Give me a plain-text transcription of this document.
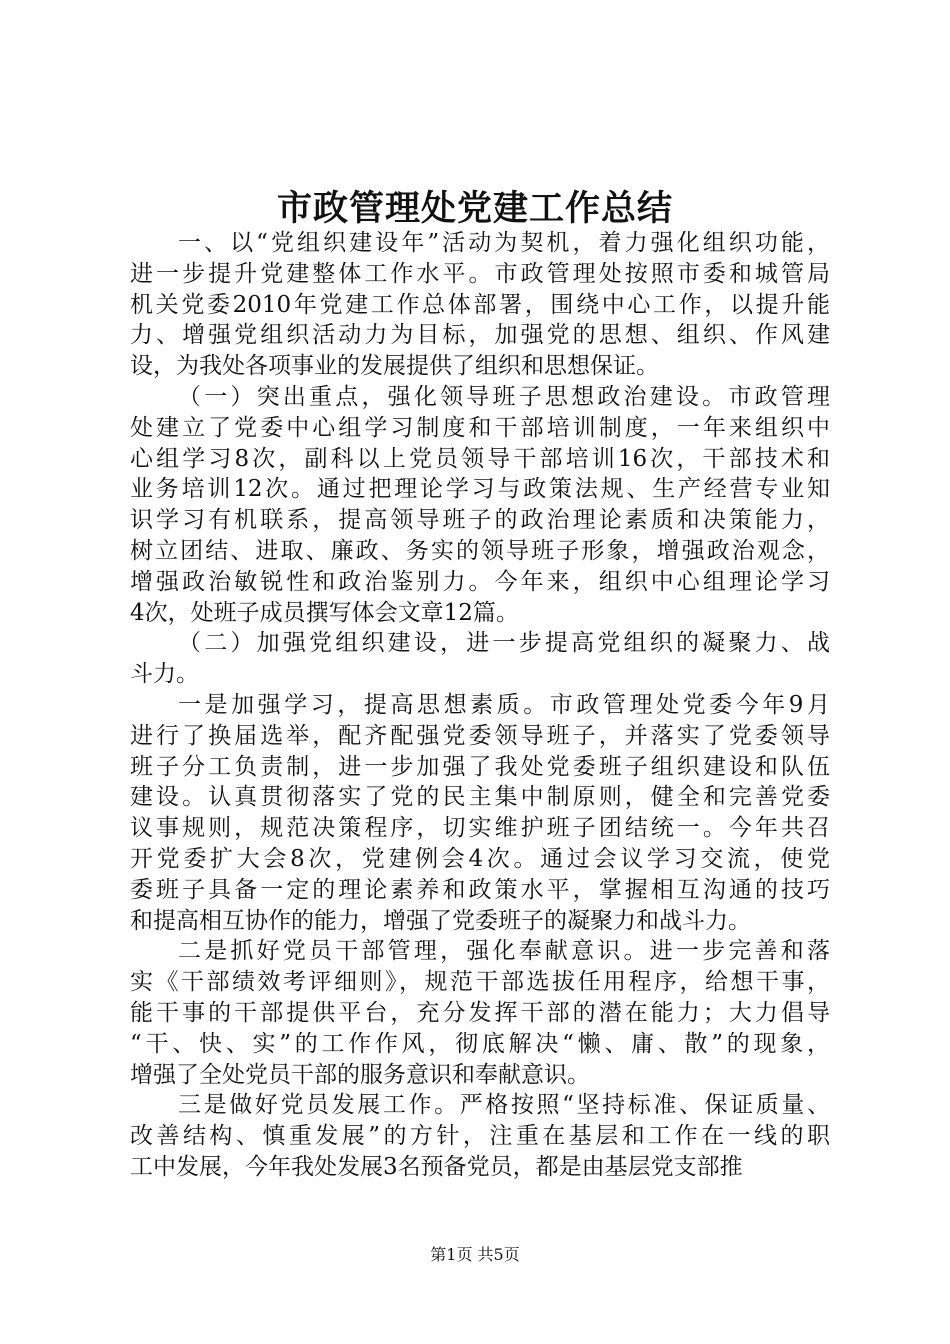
市政管理处党建工作总结
一、以“党组织建设年”活动为契机，着力强化组织功能，
进一步提升党建整体工作水平。市政管理处按照市委和城管局
机关党委2010年党建工作总体部署，围绕中心工作，以提升能
力、增强党组织活动力为目标，加强党的思想、组织、作风建
设，为我处各项事业的发展提供了组织和思想保证。
（一）突出重点，强化领导班子思想政治建设。市政管理
处建立了党委中心组学习制度和干部培训制度，一年来组织中
心组学习8次，副科以上党员领导干部培训16次，干部技术和
业务培训12次。通过把理论学习与政策法规、生产经营专业知
识学习有机联系，提高领导班子的政治理论素质和决策能力，
树立团结、进取、廉政、务实的领导班子形象，增强政治观念，
增强政治敏锐性和政治鉴别力。今年来，组织中心组理论学习
4次，处班子成员撰写体会文章12篇。
（二）加强党组织建设，进一步提高党组织的凝聚力、战
斗力。
一是加强学习，提高思想素质。市政管理处党委今年9月
进行了换届选举，配齐配强党委领导班子，并落实了党委领导
班子分工负责制，进一步加强了我处党委班子组织建设和队伍
建设。认真贯彻落实了党的民主集中制原则，健全和完善党委
议事规则，规范决策程序，切实维护班子团结统一。今年共召
开党委扩大会8次，党建例会4次。通过会议学习交流，使党
委班子具备一定的理论素养和政策水平，掌握相互沟通的技巧
和提高相互协作的能力，增强了党委班子的凝聚力和战斗力。
二是抓好党员干部管理，强化奉献意识。进一步完善和落
实《干部绩效考评细则》，规范干部选拔任用程序，给想干事，
能干事的干部提供平台，充分发挥干部的潜在能力；大力倡导
“干、快、实”的工作作风，彻底解决“懒、庸、散”的现象，
增强了全处党员干部的服务意识和奉献意识。
三是做好党员发展工作。严格按照“坚持标准、保证质量、
改善结构、慎重发展”的方针，注重在基层和工作在一线的职
工中发展，今年我处发展3名预备党员，都是由基层党支部推
第1页 共5页
